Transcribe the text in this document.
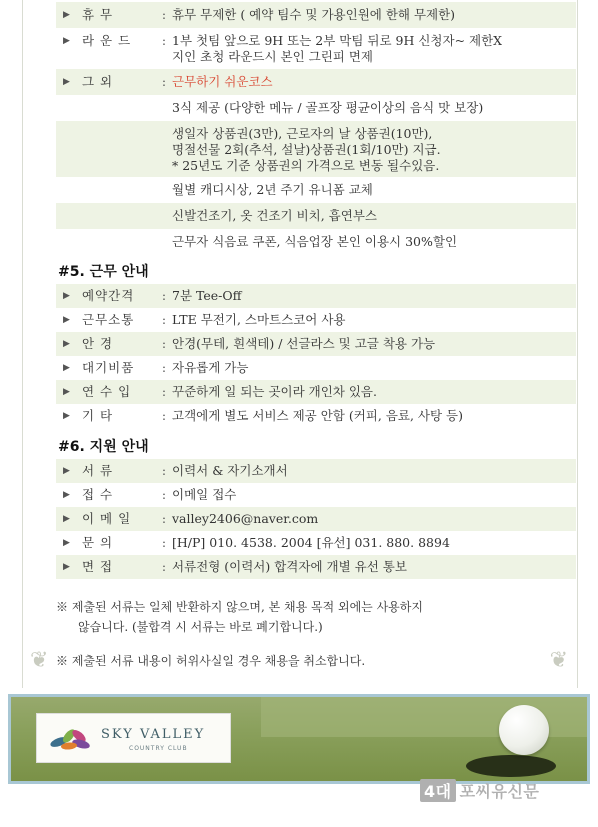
❦	❦
▶ 휴 무	: 휴무 무제한 ( 예약 팀수 및 가용인원에 한해 무제한)
▶ 라 운 드	: 1부 첫팀 앞으로 9H 또는 2부 막팀 뒤로 9H 신청자~ 제한X
지인 초청 라운드시 본인 그린피 면제
▶ 그 외	: 근무하기 쉬운코스
3식 제공 (다양한 메뉴 / 골프장 평균이상의 음식 맛 보장)
생일자 상품권(3만), 근로자의 날 상품권(10만),
명절선물 2회(추석, 설날)상품권(1회/10만) 지급.
* 25년도 기준 상품권의 가격으로 변동 될수있음.
월별 캐디시상, 2년 주기 유니폼 교체
신발건조기, 옷 건조기 비치, 흡연부스
근무자 식음료 쿠폰, 식음업장 본인 이용시 30%할인
#5. 근무 안내
▶ 예약간격	: 7분 Tee-Off
▶ 근무소통	: LTE 무전기, 스마트스코어 사용
▶ 안 경	: 안경(무테, 흰색테) / 선글라스 및 고글 착용 가능
▶ 대기비품	: 자유롭게 가능
▶ 연 수 입	: 꾸준하게 일 되는 곳이라 개인차 있음.
▶ 기 타	: 고객에게 별도 서비스 제공 안함 (커피, 음료, 사탕 등)
#6. 지원 안내
▶ 서 류	: 이력서 & 자기소개서
▶ 접 수	: 이메일 접수
▶ 이 메 일	: valley2406@naver.com
▶ 문 의	: [H/P] 010. 4538. 2004 [유선] 031. 880. 8894
▶ 면 접	: 서류전형 (이력서) 합격자에 개별 유선 통보
※ 제출된 서류는 일체 반환하지 않으며, 본 채용 목적 외에는 사용하지
않습니다. (불합격 시 서류는 바로 폐기합니다.)
※ 제출된 서류 내용이 허위사실일 경우 채용을 취소합니다.
SKY VALLEY
COUNTRY CLUB
4대 포씨유신문
